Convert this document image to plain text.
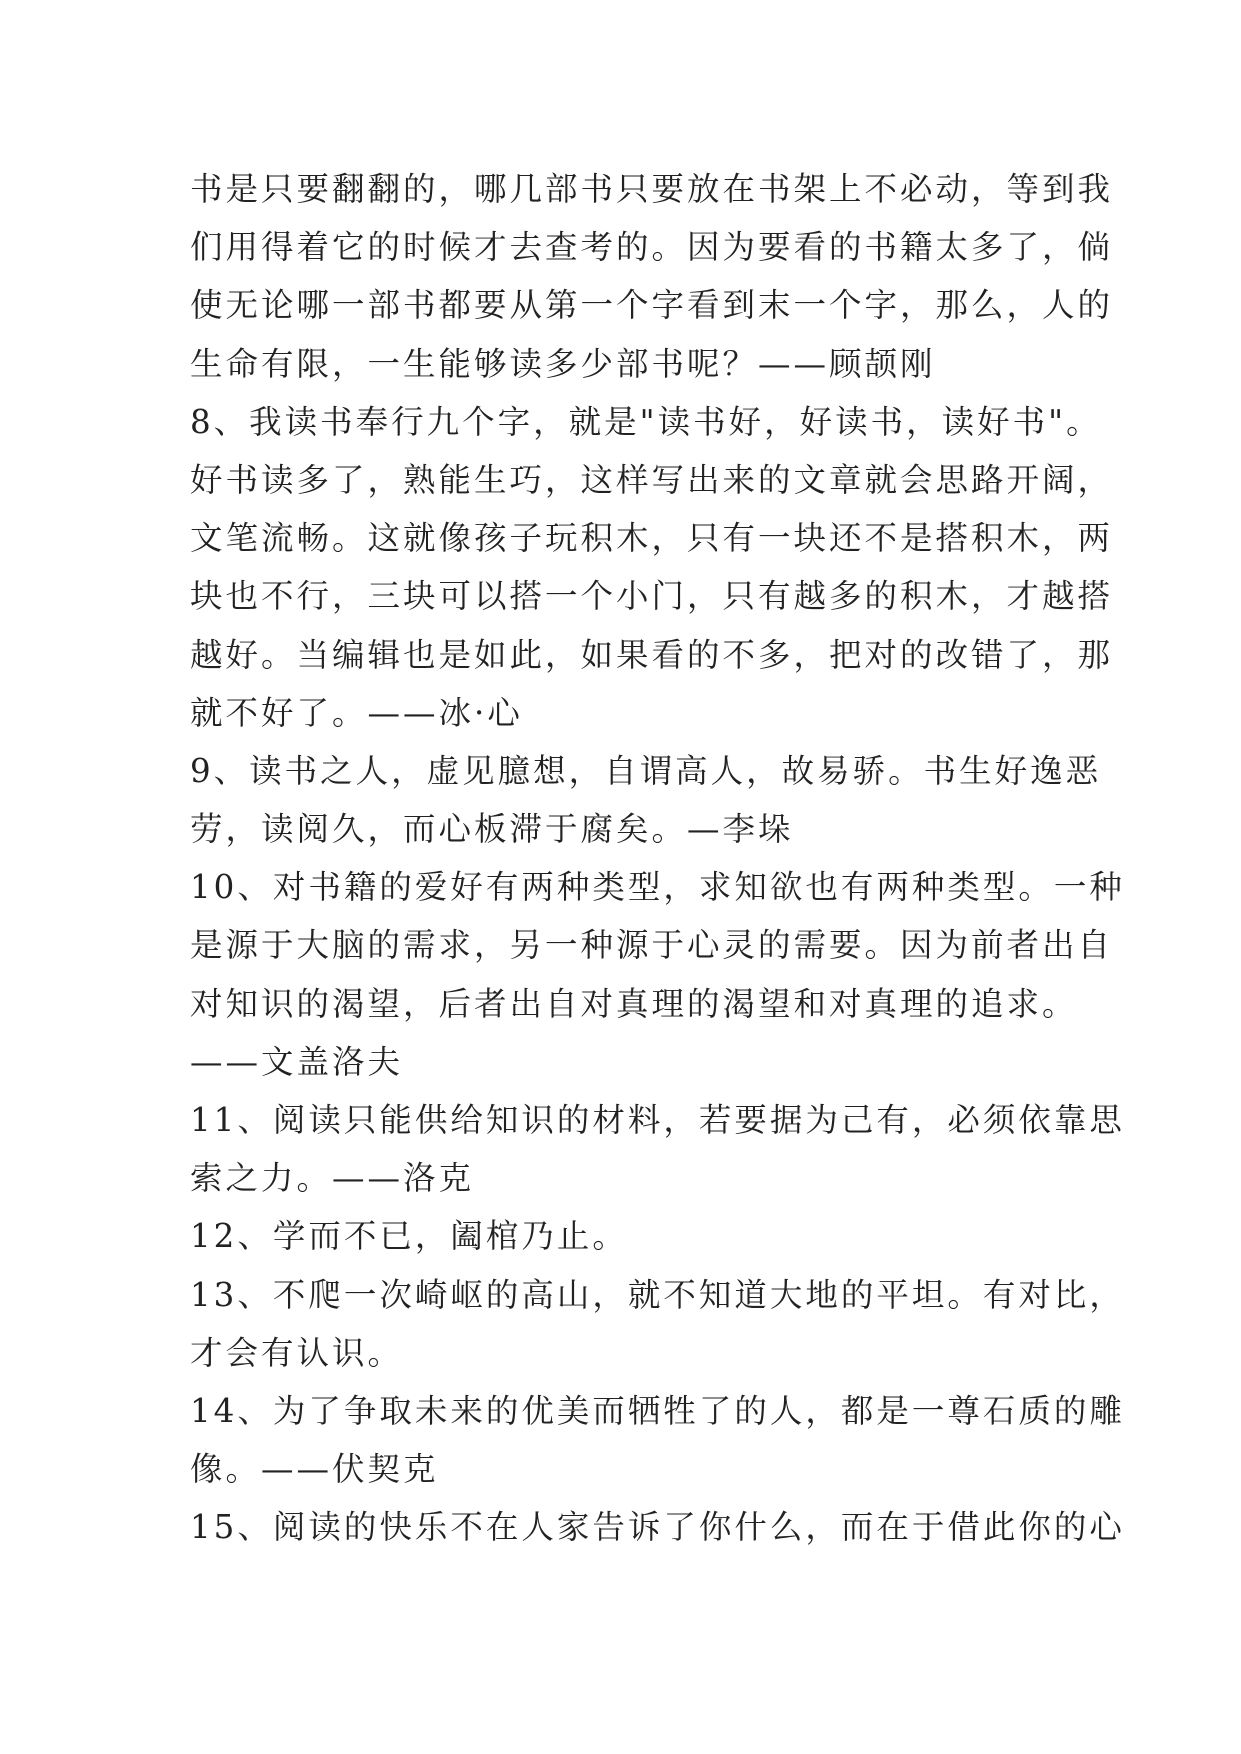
书是只要翻翻的，哪几部书只要放在书架上不必动，等到我
们用得着它的时候才去查考的。因为要看的书籍太多了，倘
使无论哪一部书都要从第一个字看到末一个字，那么，人的
生命有限，一生能够读多少部书呢？——顾颉刚
8、我读书奉行九个字，就是"读书好，好读书，读好书"。
好书读多了，熟能生巧，这样写出来的文章就会思路开阔，
文笔流畅。这就像孩子玩积木，只有一块还不是搭积木，两
块也不行，三块可以搭一个小门，只有越多的积木，才越搭
越好。当编辑也是如此，如果看的不多，把对的改错了，那
就不好了。——冰·心
9、读书之人，虚见臆想，自谓高人，故易骄。书生好逸恶
劳，读阅久，而心板滞于腐矣。—李垛
10、对书籍的爱好有两种类型，求知欲也有两种类型。一种
是源于大脑的需求，另一种源于心灵的需要。因为前者出自
对知识的渴望，后者出自对真理的渴望和对真理的追求。
——文盖洛夫
11、阅读只能供给知识的材料，若要据为己有，必须依靠思
索之力。——洛克
12、学而不已，阖棺乃止。
13、不爬一次崎岖的高山，就不知道大地的平坦。有对比，
才会有认识。
14、为了争取未来的优美而牺牲了的人，都是一尊石质的雕
像。——伏契克
15、阅读的快乐不在人家告诉了你什么，而在于借此你的心
